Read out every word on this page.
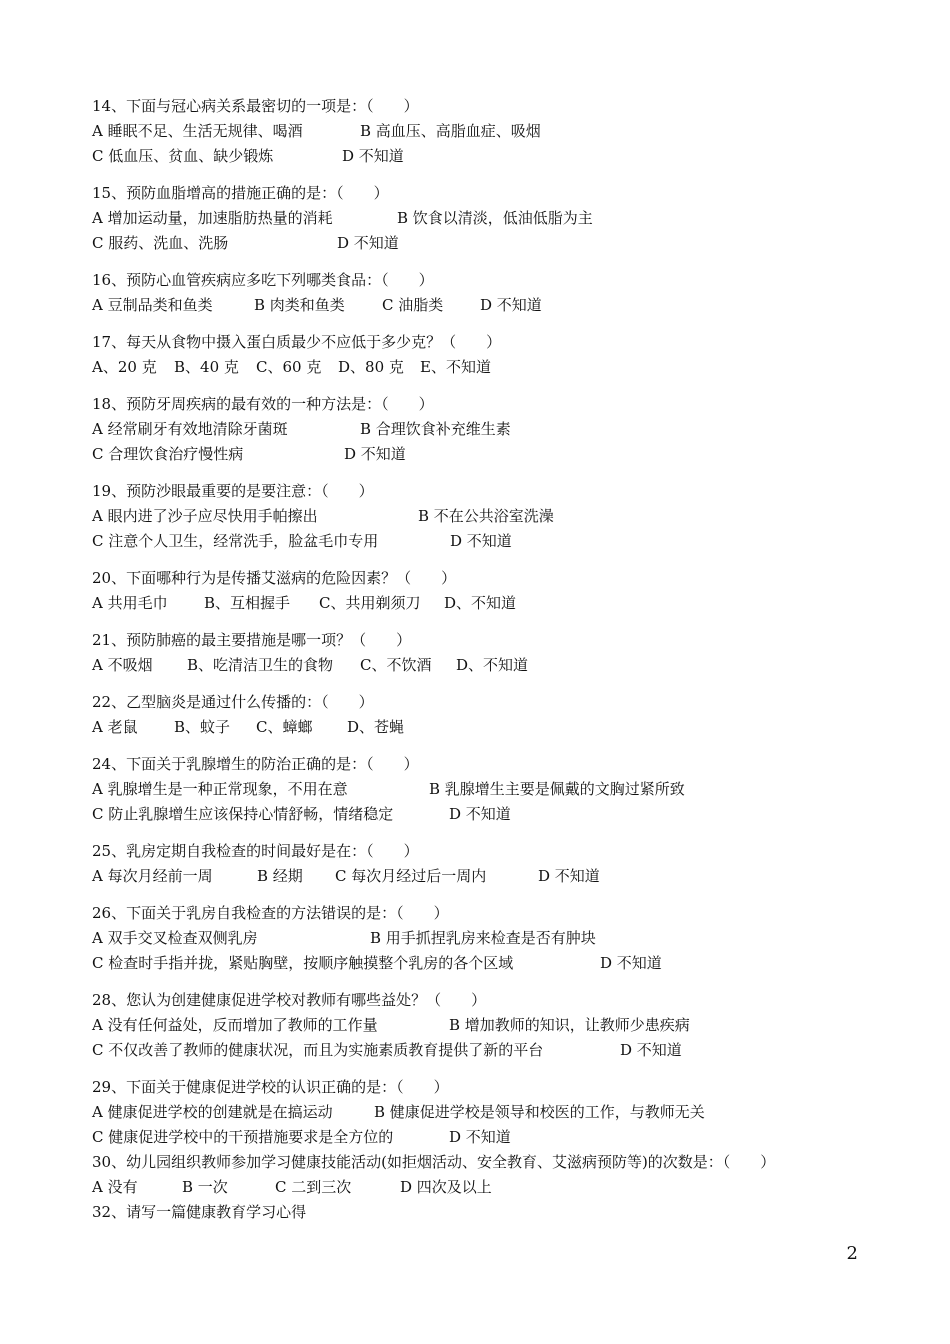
14、下面与冠心病关系最密切的一项是：（　　）
A 睡眠不足、生活无规律、喝酒	B 高血压、高脂血症、吸烟
C 低血压、贫血、缺少锻炼	D 不知道
15、预防血脂增高的措施正确的是：（　　）
A 增加运动量，加速脂肪热量的消耗	B 饮食以清淡，低油低脂为主
C 服药、洗血、洗肠	D 不知道
16、预防心血管疾病应多吃下列哪类食品：（　　）
A 豆制品类和鱼类	B 肉类和鱼类 C 油脂类 D 不知道
17、每天从食物中摄入蛋白质最少不应低于多少克？（　　）
A、20 克 B、40 克 C、60 克 D、80 克 E、不知道
18、预防牙周疾病的最有效的一种方法是：（　　）
A 经常刷牙有效地清除牙菌斑	B 合理饮食补充维生素
C 合理饮食治疗慢性病	D 不知道
19、预防沙眼最重要的是要注意：（　　）
A 眼内进了沙子应尽快用手帕擦出	B 不在公共浴室洗澡
C 注意个人卫生，经常洗手，脸盆毛巾专用	D 不知道
20、下面哪种行为是传播艾滋病的危险因素？（　　）
A 共用毛巾 B、互相握手 C、共用剃须刀 D、不知道
21、预防肺癌的最主要措施是哪一项？（　　）
A 不吸烟 B、吃清洁卫生的食物 C、不饮酒 D、不知道
22、乙型脑炎是通过什么传播的：（　　）
A 老鼠 B、蚊子 C、蟑螂 D、苍蝇
24、下面关于乳腺增生的防治正确的是：（　　）
A 乳腺增生是一种正常现象，不用在意	B 乳腺增生主要是佩戴的文胸过紧所致
C 防止乳腺增生应该保持心情舒畅，情绪稳定	D 不知道
25、乳房定期自我检查的时间最好是在：（　　）
A 每次月经前一周	B 经期 C 每次月经过后一周内	D 不知道
26、下面关于乳房自我检查的方法错误的是：（　　）
A 双手交叉检查双侧乳房	B 用手抓捏乳房来检查是否有肿块
C 检查时手指并拢，紧贴胸壁，按顺序触摸整个乳房的各个区域	D 不知道
28、您认为创建健康促进学校对教师有哪些益处？（　　）
A 没有任何益处，反而增加了教师的工作量	B 增加教师的知识，让教师少患疾病
C 不仅改善了教师的健康状况，而且为实施素质教育提供了新的平台	D 不知道
29、下面关于健康促进学校的认识正确的是：（　　）
A 健康促进学校的创建就是在搞运动	B 健康促进学校是领导和校医的工作，与教师无关
C 健康促进学校中的干预措施要求是全方位的	D 不知道
30、幼儿园组织教师参加学习健康技能活动(如拒烟活动、安全教育、艾滋病预防等)的次数是：（　　）
A 没有	B 一次	C 二到三次	D 四次及以上
32、请写一篇健康教育学习心得
2
